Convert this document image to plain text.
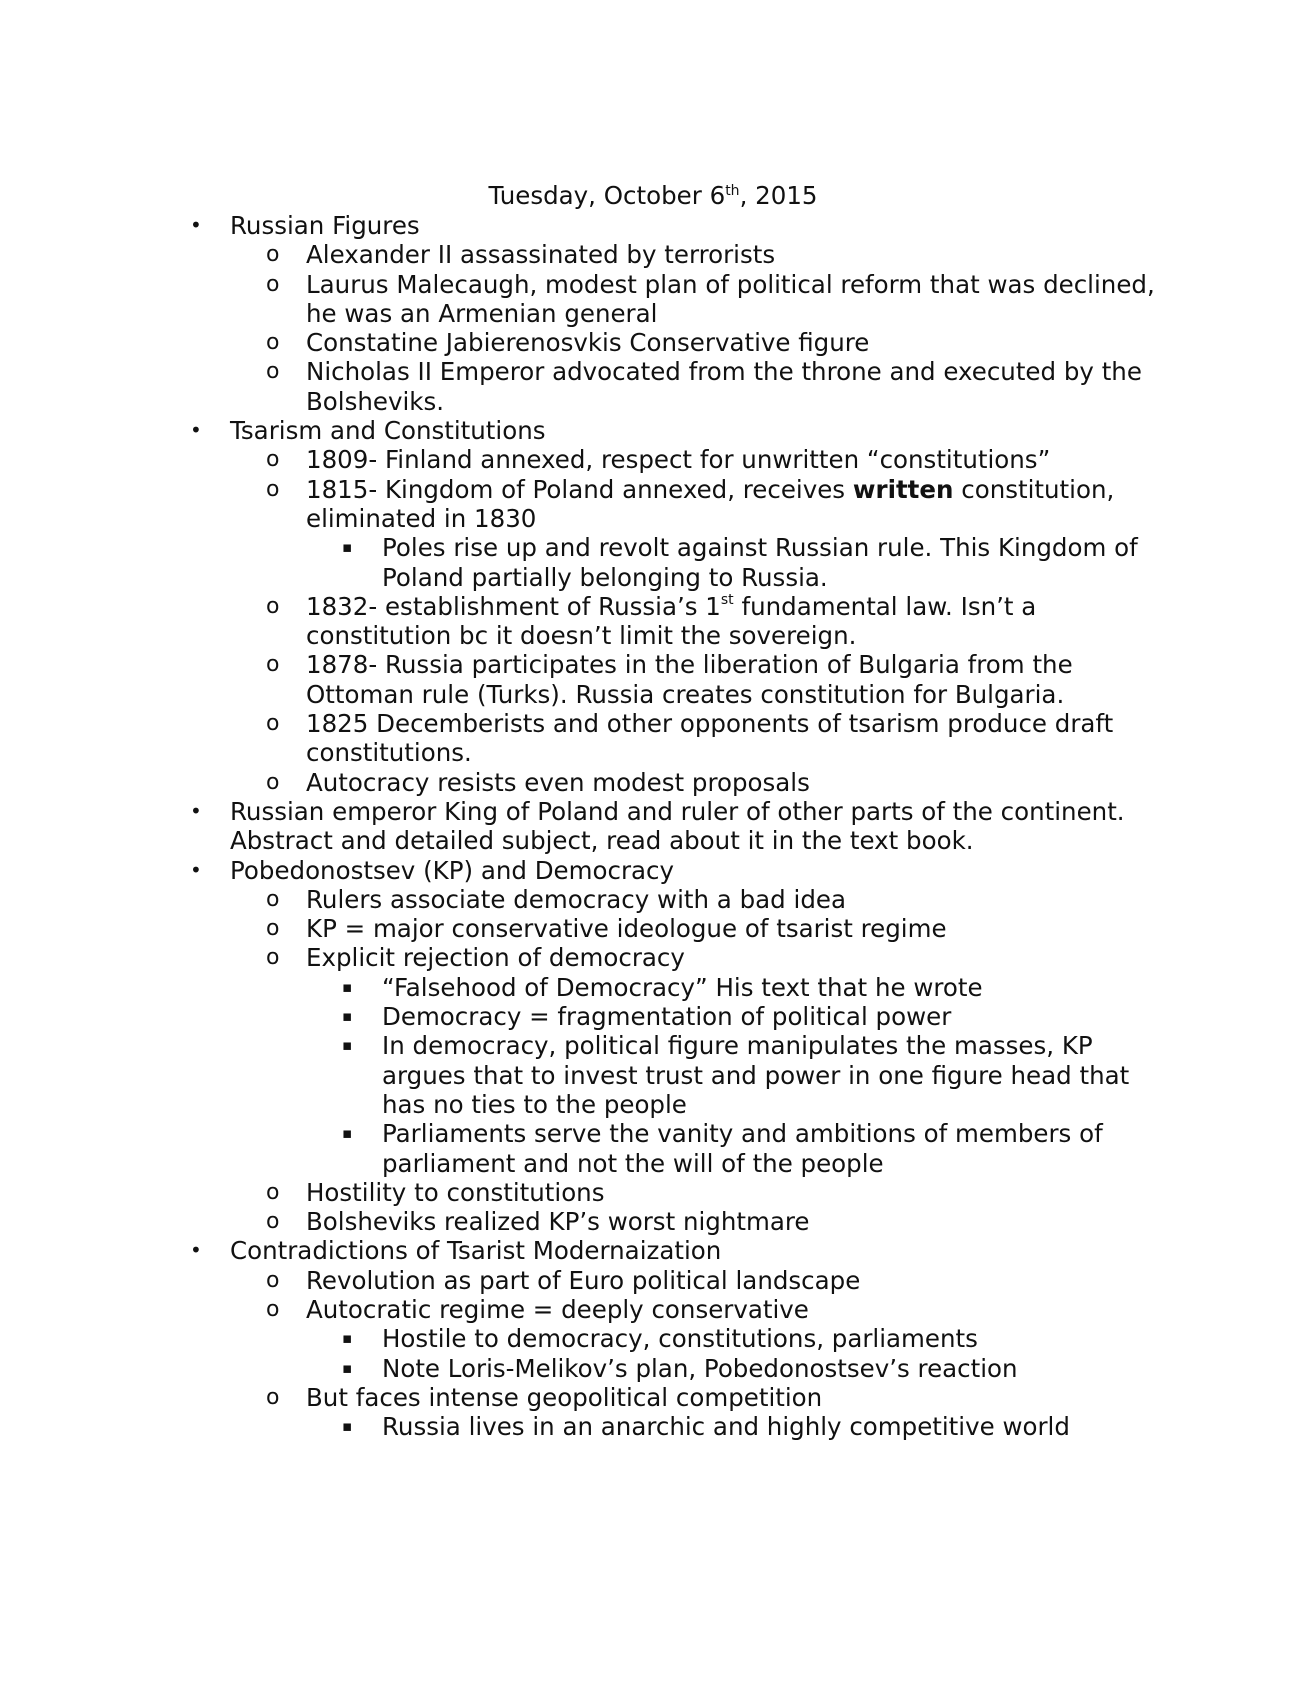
Tuesday, October 6th, 2015
• Russian Figures
o Alexander II assassinated by terrorists
o Laurus Malecaugh, modest plan of political reform that was declined, he was an Armenian general
o Constatine Jabierenosvkis Conservative figure
o Nicholas II Emperor advocated from the throne and executed by the Bolsheviks.
• Tsarism and Constitutions
o 1809- Finland annexed, respect for unwritten “constitutions”
o 1815- Kingdom of Poland annexed, receives written constitution, eliminated in 1830
▪ Poles rise up and revolt against Russian rule. This Kingdom of Poland partially belonging to Russia.
o 1832- establishment of Russia’s 1st fundamental law. Isn’t a constitution bc it doesn’t limit the sovereign.
o 1878- Russia participates in the liberation of Bulgaria from the Ottoman rule (Turks). Russia creates constitution for Bulgaria.
o 1825 Decemberists and other opponents of tsarism produce draft constitutions.
o Autocracy resists even modest proposals
• Russian emperor King of Poland and ruler of other parts of the continent. Abstract and detailed subject, read about it in the text book.
• Pobedonostsev (KP) and Democracy
o Rulers associate democracy with a bad idea
o KP = major conservative ideologue of tsarist regime
o Explicit rejection of democracy
▪ “Falsehood of Democracy” His text that he wrote
▪ Democracy = fragmentation of political power
▪ In democracy, political figure manipulates the masses, KP argues that to invest trust and power in one figure head that has no ties to the people
▪ Parliaments serve the vanity and ambitions of members of parliament and not the will of the people
o Hostility to constitutions
o Bolsheviks realized KP’s worst nightmare
• Contradictions of Tsarist Modernaization
o Revolution as part of Euro political landscape
o Autocratic regime = deeply conservative
▪ Hostile to democracy, constitutions, parliaments
▪ Note Loris-Melikov’s plan, Pobedonostsev’s reaction
o But faces intense geopolitical competition
▪ Russia lives in an anarchic and highly competitive world
